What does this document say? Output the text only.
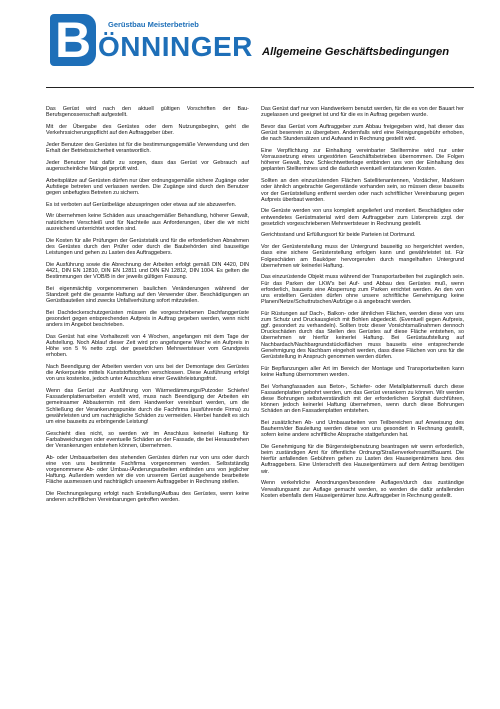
B	Gerüstbau Meisterbetrieb
ÖNNINGER Allgemeine Geschäftsbedingungen

Das Gerüst wird nach den aktuell gültigen Vorschriften der Bau-Berufsgenossenschaft aufgestellt.

Mit der Übergabe des Gerüstes oder dem Nutzungsbeginn, geht die Verkehrssicherungspflicht auf den Auftraggeber über.

Jeder Benutzer des Gerüstes ist für die bestimmungsgemäße Verwendung und den Erhalt der Betriebssicherheit verantwortlich.

Jeder Benutzer hat dafür zu sorgen, dass das Gerüst vor Gebrauch auf augenscheinliche Mängel geprüft wird.

Arbeitsplätze auf Gerüsten dürfen nur über ordnungsgemäße sichere Zugänge oder Aufstiege betreten und verlassen werden. Die Zugänge sind durch den Benutzer gegen unbefugtes Betreten zu sichern.

Es ist verboten auf Gerüstbeläge abzuspringen oder etwas auf sie abzuwerfen.

Wir übernehmen keine Schäden aus unsachgemäßer Behandlung, höherer Gewalt, natürlichem Verschleiß und für Nachteile aus Anforderungen, über die wir nicht ausreichend unterrichtet worden sind.

Die Kosten für alle Prüfungen der Gerüststatik und für die erforderlichen Abnahmen des Gerüstes durch den Prüfer oder durch die Baubehörden sind bauseitige Leistungen und gehen zu Lasten des Auftraggebers.

Die Ausführung sowie die Abrechnung der Arbeiten erfolgt gemäß DIN 4420, DIN 4421, DIN EN 12810, DIN EN 12811 und DIN EN 12812, DIN 1004. Es gelten die Bestimmungen der VOB/B in der jeweils gültigen Fassung.

Bei eigenmächtig vorgenommenen baulichen Veränderungen während der Standzeit geht die gesamte Haftung auf den Verwender über. Beschädigungen an Gerüstbauteilen sind zwecks Unfallverhütung sofort mitzuteilen.

Bei Dachdeckerschutzgerüsten müssen die vorgeschriebenen Dachfanggerüste gesondert gegen entsprechenden Aufpreis in Auftrag gegeben werden, wenn nicht anders im Angebot beschrieben.

Das Gerüst hat eine Vorhaltezeit von 4 Wochen, angefangen mit dem Tage der Aufstellung. Noch Ablauf dieser Zeit wird pro angefangene Woche ein Aufpreis in Höhe von 5 % netto zzgl. der gesetzlichen Mehrwertsteuer vom Grundpreis erhoben.

Nach Beendigung der Arbeiten werden von uns bei der Demontage des Gerüstes die Ankerpunkte mittels Kunststoffstopfen verschlossen. Diese Ausführung erfolgt von uns kostenlos, jedoch unter Ausschluss einer Gewährleistungsfrist.

Wenn das Gerüst zur Ausführung von Wärmedämmungs/Putzoder Schiefer/ Fassadenplattenarbeiten erstellt wird, muss nach Beendigung der Arbeiten ein gemeinsamer Abbautermin mit dem Handwerker vereinbart werden, um die Schließung der Verankerungspunkte durch die Fachfirma (ausführende Firma) zu gewährleisten und um nachträgliche Schäden zu vermeiden. Hierbei handelt es sich um eine bauseits zu erbringende Leistung!

Geschieht dies nicht, so werden wir im Anschluss keinerlei Haftung für Farbabweichungen oder eventuelle Schäden an der Fassade, die bei Herausdrehen der Verankerungen entstehen können, übernehmen.

Ab- oder Umbauarbeiten des stehenden Gerüstes dürfen nur von uns oder durch eine von uns bestimmte Fachfirma vorgenommen werden. Selbstständig vorgenommene Ab- oder Umbau-/Änderungsarbeiten entbinden uns von jeglicher Haftung. Außerdem werden wir die von unserem Gerüst ausgehende bearbeitete Fläche ausmessen und nachträglich unserem Auftraggeber in Rechnung stellen.

Die Rechnungslegung erfolgt nach Erstellung/Aufbau des Gerüstes, wenn keine anderen schriftlichen Vereinbarungen getroffen werden.

Das Gerüst darf nur von Handwerkern benutzt werden, für die es von der Bauart her zugelassen und geeignet ist und für die es in Auftrag gegeben wurde.

Bevor das Gerüst vom Auftraggeber zum Abbau freigegeben wird, hat dieser das Gerüst besenrein zu übergeben. Andernfalls wird eine Reinigungsgebühr erhoben, die nach Stundensätzen und Aufwand in Rechnung gestellt wird.

Eine Verpflichtung zur Einhaltung vereinbarter Stelltermine wird nur unter Vorraussetzung eines ungestörten Geschäftsbetriebes übernommen. Die Folgen höherer Gewalt, bzw. Schlechtwetterlage entbinden uns von der Einhaltung des geplanten Stelltermines und die dadurch eventuell entstandenen Kosten.

Sollten an den einzurüstenden Flächen Satellitenantennen, Vordächer, Markisen oder ähnlich angebrachte Gegenstände vorhanden sein, so müssen diese bauseits vor der Gerüststellung entfernt werden oder nach schriftlicher Vereinbarung gegen Aufpreis überbaut werden.

Die Gerüste werden von uns komplett angeliefert und montiert. Beschädigtes oder entwendetes Gerüstmaterial wird dem Auftraggeber zum Listenpreis zzgl. der gesetzlich vorgeschriebenen Mehrwertsteuer in Rechnung gestellt.

Gerichtsstand und Erfüllungsort für beide Parteien ist Dortmund.

Vor der Gerüsterstellung muss der Untergrund bauseitig so hergerichtet werden, dass eine sichere Gerüsterstellung erfolgen kann und gewährleistet ist. Für Folgeschäden am Bauköper hervorgerufen durch mangelhaften Untergrund übernehmen wir keinerlei Haftung.

Das einzurüstende Objekt muss während der Transportarbeiten frei zugänglich sein. Für das Parken der LKW's bei Auf- und Abbau des Gerüstes muß, wenn erforderlich, bauseits eine Absperrung zum Parken errichtet werden. An den von uns erstellten Gerüsten dürfen ohne unsere schriftliche Genehmigung keine Planen/Netze/Schuttrutschen/Aufzüge o.ä angebracht werden.

Für Rüstungen auf Dach-, Balkon- oder ähnlichen Flächen, werden diese von uns zum Schutz und Druckausgleich mit Bohlen abgedeckt. (Eventuell gegen Aufpreis, ggf. gesondert zu verhandeln). Sollten trotz dieser Vorsichtsmaßnahmen dennoch Druckschäden durch das Stellen des Gerüstes auf diese Fläche entstehen, so übernehmen wir hierfür keinerlei Haftung. Bei Gerüstaufstellung auf Nachbardach/Nachbargrundstücksflächen muss bauseits eine entsprechende Genehmigung des Nachbarn eingeholt werden, dass diese Flächen von uns für die Gerüststellung in Anspruch genommen werden dürfen.

Für Bepflanzungen aller Art im Bereich der Montage und Transportarbeiten kann keine Haftung übernommen werden.

Bei Vorhangfassaden aus Beton-, Schiefer- oder Metallplattenmuß durch diese Fassadenplatten gebohrt werden, um das Gerüst verankern zu können. Wir werden diese Bohrungen selbstverständlich mit der erforderlichen Sorgfalt durchführen, können jedoch keinerlei Haftung übernehmen, wenn durch diese Bohrungen Schäden an den Fassadenplatten entstehen.

Bei zusätzlichen Ab- und Umbauarbeiten von Teilbereichen auf Anweisung des Bauherrn/der Bauleitung werden diese von uns gesondert in Rechnung gestellt, sofern keine andere schriftliche Absprache stattgefunden hat.

Die Genehmigung für die Bürgersteigbenutzung beantragen wir wenn erforderlich, beim zuständigen Amt für öffentliche Ordnung/Straßenverkehrsamt/Bauamt. Die hierfür anfallenden Gebühren gehen zu Lasten des Hauseigentümers bzw. des Auftraggebers. Eine Unterschrift des Hauseigentümers auf dem Antrag benötigen wir.

Wenn verkehrliche Anordnungen/besondere Auflagen/durch das zuständige Verwaltungsamt zur Auflage gemacht werden, so werden die dafür anfallenden Kosten ebenfalls dem Hauseigentümer bzw. Auftraggeber in Rechnung gestellt.
